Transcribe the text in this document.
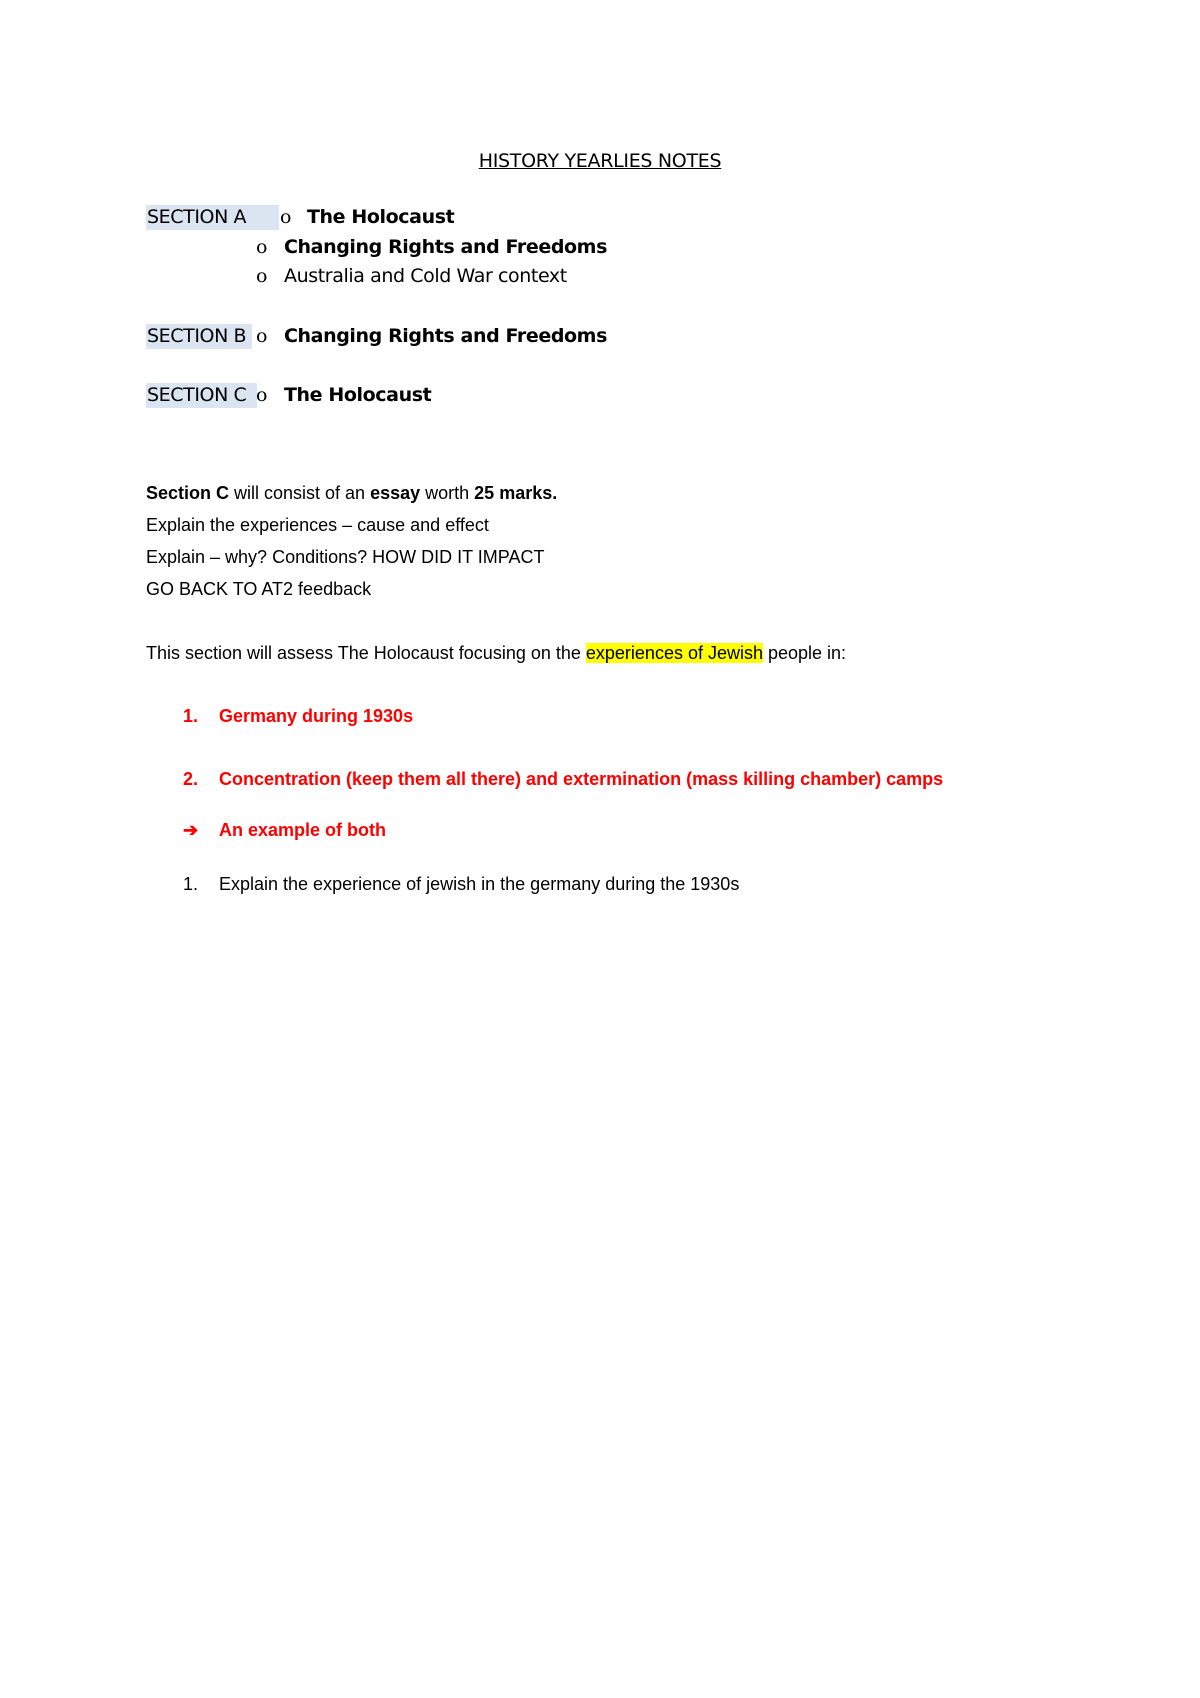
HISTORY YEARLIES NOTES
SECTION A	o The Holocaust
o Changing Rights and Freedoms
o Australia and Cold War context
SECTION B o Changing Rights and Freedoms
SECTION C o The Holocaust
Section C will consist of an essay worth 25 marks.
Explain the experiences – cause and effect
Explain – why? Conditions? HOW DID IT IMPACT
GO BACK TO AT2 feedback
This section will assess The Holocaust focusing on the experiences of Jewish people in:
1. Germany during 1930s
2. Concentration (keep them all there) and extermination (mass killing chamber) camps
➔ An example of both
1. Explain the experience of jewish in the germany during the 1930s
